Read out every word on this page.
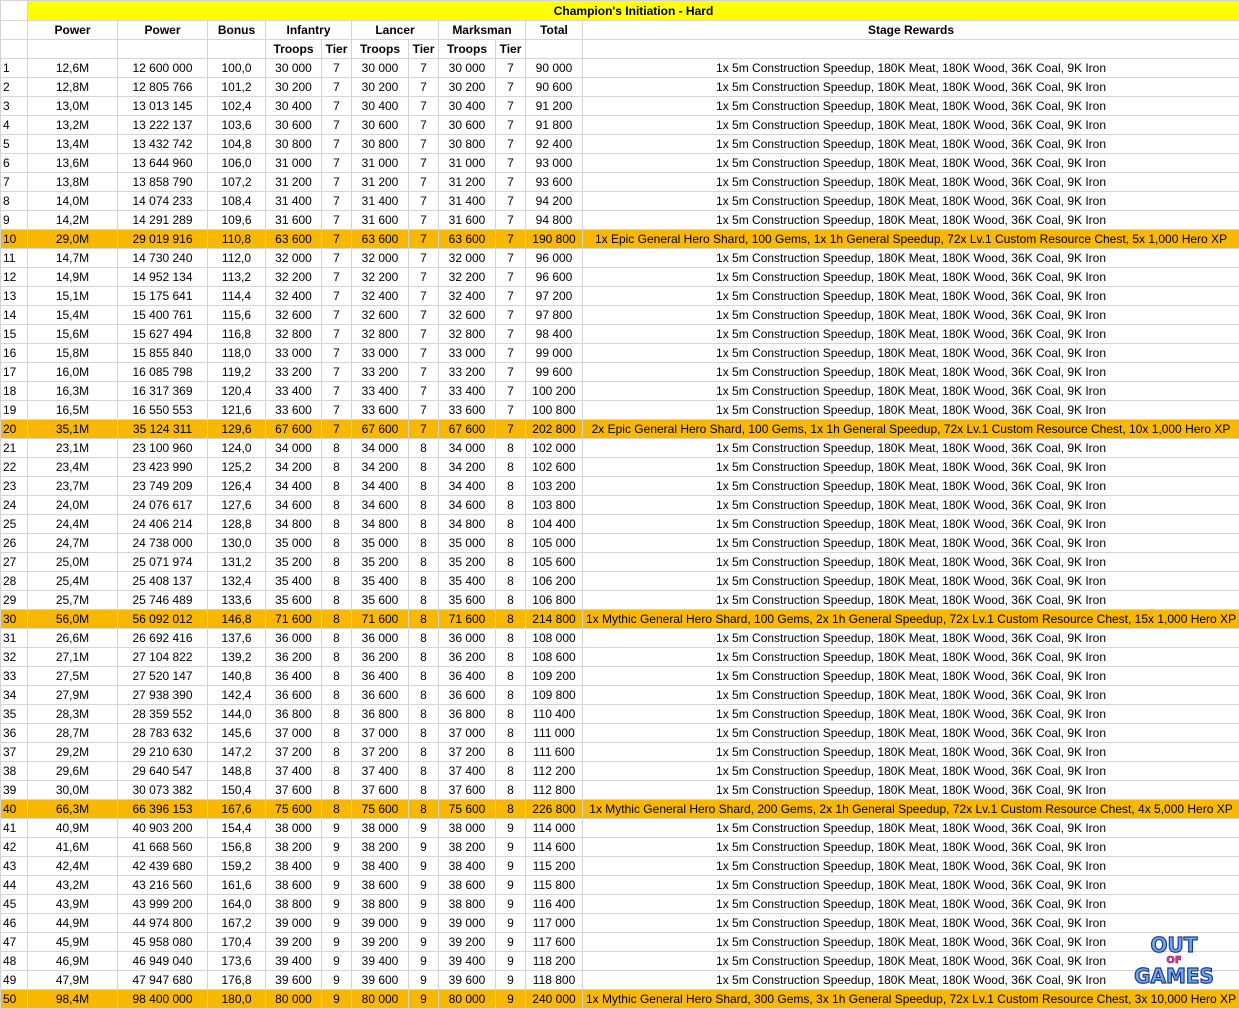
	Champion's Initiation - Hard										
	Power	Power	Bonus	Infantry		Lancer		Marksman		Total	Stage Rewards
				Troops	Tier	Troops	Tier	Troops	Tier		
1	12,6M	12 600 000	100,0	30 000	7	30 000	7	30 000	7	90 000	1x 5m Construction Speedup, 180K Meat, 180K Wood, 36K Coal, 9K Iron
2	12,8M	12 805 766	101,2	30 200	7	30 200	7	30 200	7	90 600	1x 5m Construction Speedup, 180K Meat, 180K Wood, 36K Coal, 9K Iron
3	13,0M	13 013 145	102,4	30 400	7	30 400	7	30 400	7	91 200	1x 5m Construction Speedup, 180K Meat, 180K Wood, 36K Coal, 9K Iron
4	13,2M	13 222 137	103,6	30 600	7	30 600	7	30 600	7	91 800	1x 5m Construction Speedup, 180K Meat, 180K Wood, 36K Coal, 9K Iron
5	13,4M	13 432 742	104,8	30 800	7	30 800	7	30 800	7	92 400	1x 5m Construction Speedup, 180K Meat, 180K Wood, 36K Coal, 9K Iron
6	13,6M	13 644 960	106,0	31 000	7	31 000	7	31 000	7	93 000	1x 5m Construction Speedup, 180K Meat, 180K Wood, 36K Coal, 9K Iron
7	13,8M	13 858 790	107,2	31 200	7	31 200	7	31 200	7	93 600	1x 5m Construction Speedup, 180K Meat, 180K Wood, 36K Coal, 9K Iron
8	14,0M	14 074 233	108,4	31 400	7	31 400	7	31 400	7	94 200	1x 5m Construction Speedup, 180K Meat, 180K Wood, 36K Coal, 9K Iron
9	14,2M	14 291 289	109,6	31 600	7	31 600	7	31 600	7	94 800	1x 5m Construction Speedup, 180K Meat, 180K Wood, 36K Coal, 9K Iron
10	29,0M	29 019 916	110,8	63 600	7	63 600	7	63 600	7	190 800	1x Epic General Hero Shard, 100 Gems, 1x 1h General Speedup, 72x Lv.1 Custom Resource Chest, 5x 1,000 Hero XP
11	14,7M	14 730 240	112,0	32 000	7	32 000	7	32 000	7	96 000	1x 5m Construction Speedup, 180K Meat, 180K Wood, 36K Coal, 9K Iron
12	14,9M	14 952 134	113,2	32 200	7	32 200	7	32 200	7	96 600	1x 5m Construction Speedup, 180K Meat, 180K Wood, 36K Coal, 9K Iron
13	15,1M	15 175 641	114,4	32 400	7	32 400	7	32 400	7	97 200	1x 5m Construction Speedup, 180K Meat, 180K Wood, 36K Coal, 9K Iron
14	15,4M	15 400 761	115,6	32 600	7	32 600	7	32 600	7	97 800	1x 5m Construction Speedup, 180K Meat, 180K Wood, 36K Coal, 9K Iron
15	15,6M	15 627 494	116,8	32 800	7	32 800	7	32 800	7	98 400	1x 5m Construction Speedup, 180K Meat, 180K Wood, 36K Coal, 9K Iron
16	15,8M	15 855 840	118,0	33 000	7	33 000	7	33 000	7	99 000	1x 5m Construction Speedup, 180K Meat, 180K Wood, 36K Coal, 9K Iron
17	16,0M	16 085 798	119,2	33 200	7	33 200	7	33 200	7	99 600	1x 5m Construction Speedup, 180K Meat, 180K Wood, 36K Coal, 9K Iron
18	16,3M	16 317 369	120,4	33 400	7	33 400	7	33 400	7	100 200	1x 5m Construction Speedup, 180K Meat, 180K Wood, 36K Coal, 9K Iron
19	16,5M	16 550 553	121,6	33 600	7	33 600	7	33 600	7	100 800	1x 5m Construction Speedup, 180K Meat, 180K Wood, 36K Coal, 9K Iron
20	35,1M	35 124 311	129,6	67 600	7	67 600	7	67 600	7	202 800	2x Epic General Hero Shard, 100 Gems, 1x 1h General Speedup, 72x Lv.1 Custom Resource Chest, 10x 1,000 Hero XP
21	23,1M	23 100 960	124,0	34 000	8	34 000	8	34 000	8	102 000	1x 5m Construction Speedup, 180K Meat, 180K Wood, 36K Coal, 9K Iron
22	23,4M	23 423 990	125,2	34 200	8	34 200	8	34 200	8	102 600	1x 5m Construction Speedup, 180K Meat, 180K Wood, 36K Coal, 9K Iron
23	23,7M	23 749 209	126,4	34 400	8	34 400	8	34 400	8	103 200	1x 5m Construction Speedup, 180K Meat, 180K Wood, 36K Coal, 9K Iron
24	24,0M	24 076 617	127,6	34 600	8	34 600	8	34 600	8	103 800	1x 5m Construction Speedup, 180K Meat, 180K Wood, 36K Coal, 9K Iron
25	24,4M	24 406 214	128,8	34 800	8	34 800	8	34 800	8	104 400	1x 5m Construction Speedup, 180K Meat, 180K Wood, 36K Coal, 9K Iron
26	24,7M	24 738 000	130,0	35 000	8	35 000	8	35 000	8	105 000	1x 5m Construction Speedup, 180K Meat, 180K Wood, 36K Coal, 9K Iron
27	25,0M	25 071 974	131,2	35 200	8	35 200	8	35 200	8	105 600	1x 5m Construction Speedup, 180K Meat, 180K Wood, 36K Coal, 9K Iron
28	25,4M	25 408 137	132,4	35 400	8	35 400	8	35 400	8	106 200	1x 5m Construction Speedup, 180K Meat, 180K Wood, 36K Coal, 9K Iron
29	25,7M	25 746 489	133,6	35 600	8	35 600	8	35 600	8	106 800	1x 5m Construction Speedup, 180K Meat, 180K Wood, 36K Coal, 9K Iron
30	56,0M	56 092 012	146,8	71 600	8	71 600	8	71 600	8	214 800	1x Mythic General Hero Shard, 100 Gems, 2x 1h General Speedup, 72x Lv.1 Custom Resource Chest, 15x 1,000 Hero XP
31	26,6M	26 692 416	137,6	36 000	8	36 000	8	36 000	8	108 000	1x 5m Construction Speedup, 180K Meat, 180K Wood, 36K Coal, 9K Iron
32	27,1M	27 104 822	139,2	36 200	8	36 200	8	36 200	8	108 600	1x 5m Construction Speedup, 180K Meat, 180K Wood, 36K Coal, 9K Iron
33	27,5M	27 520 147	140,8	36 400	8	36 400	8	36 400	8	109 200	1x 5m Construction Speedup, 180K Meat, 180K Wood, 36K Coal, 9K Iron
34	27,9M	27 938 390	142,4	36 600	8	36 600	8	36 600	8	109 800	1x 5m Construction Speedup, 180K Meat, 180K Wood, 36K Coal, 9K Iron
35	28,3M	28 359 552	144,0	36 800	8	36 800	8	36 800	8	110 400	1x 5m Construction Speedup, 180K Meat, 180K Wood, 36K Coal, 9K Iron
36	28,7M	28 783 632	145,6	37 000	8	37 000	8	37 000	8	111 000	1x 5m Construction Speedup, 180K Meat, 180K Wood, 36K Coal, 9K Iron
37	29,2M	29 210 630	147,2	37 200	8	37 200	8	37 200	8	111 600	1x 5m Construction Speedup, 180K Meat, 180K Wood, 36K Coal, 9K Iron
38	29,6M	29 640 547	148,8	37 400	8	37 400	8	37 400	8	112 200	1x 5m Construction Speedup, 180K Meat, 180K Wood, 36K Coal, 9K Iron
39	30,0M	30 073 382	150,4	37 600	8	37 600	8	37 600	8	112 800	1x 5m Construction Speedup, 180K Meat, 180K Wood, 36K Coal, 9K Iron
40	66,3M	66 396 153	167,6	75 600	8	75 600	8	75 600	8	226 800	1x Mythic General Hero Shard, 200 Gems, 2x 1h General Speedup, 72x Lv.1 Custom Resource Chest, 4x 5,000 Hero XP
41	40,9M	40 903 200	154,4	38 000	9	38 000	9	38 000	9	114 000	1x 5m Construction Speedup, 180K Meat, 180K Wood, 36K Coal, 9K Iron
42	41,6M	41 668 560	156,8	38 200	9	38 200	9	38 200	9	114 600	1x 5m Construction Speedup, 180K Meat, 180K Wood, 36K Coal, 9K Iron
43	42,4M	42 439 680	159,2	38 400	9	38 400	9	38 400	9	115 200	1x 5m Construction Speedup, 180K Meat, 180K Wood, 36K Coal, 9K Iron
44	43,2M	43 216 560	161,6	38 600	9	38 600	9	38 600	9	115 800	1x 5m Construction Speedup, 180K Meat, 180K Wood, 36K Coal, 9K Iron
45	43,9M	43 999 200	164,0	38 800	9	38 800	9	38 800	9	116 400	1x 5m Construction Speedup, 180K Meat, 180K Wood, 36K Coal, 9K Iron
46	44,9M	44 974 800	167,2	39 000	9	39 000	9	39 000	9	117 000	1x 5m Construction Speedup, 180K Meat, 180K Wood, 36K Coal, 9K Iron
47	45,9M	45 958 080	170,4	39 200	9	39 200	9	39 200	9	117 600	1x 5m Construction Speedup, 180K Meat, 180K Wood, 36K Coal, 9K Iron
48	46,9M	46 949 040	173,6	39 400	9	39 400	9	39 400	9	118 200	1x 5m Construction Speedup, 180K Meat, 180K Wood, 36K Coal, 9K Iron
49	47,9M	47 947 680	176,8	39 600	9	39 600	9	39 600	9	118 800	1x 5m Construction Speedup, 180K Meat, 180K Wood, 36K Coal, 9K Iron
50	98,4M	98 400 000	180,0	80 000	9	80 000	9	80 000	9	240 000	1x Mythic General Hero Shard, 300 Gems, 3x 1h General Speedup, 72x Lv.1 Custom Resource Chest, 3x 10,000 Hero XP
OUT
OF
GAMES
